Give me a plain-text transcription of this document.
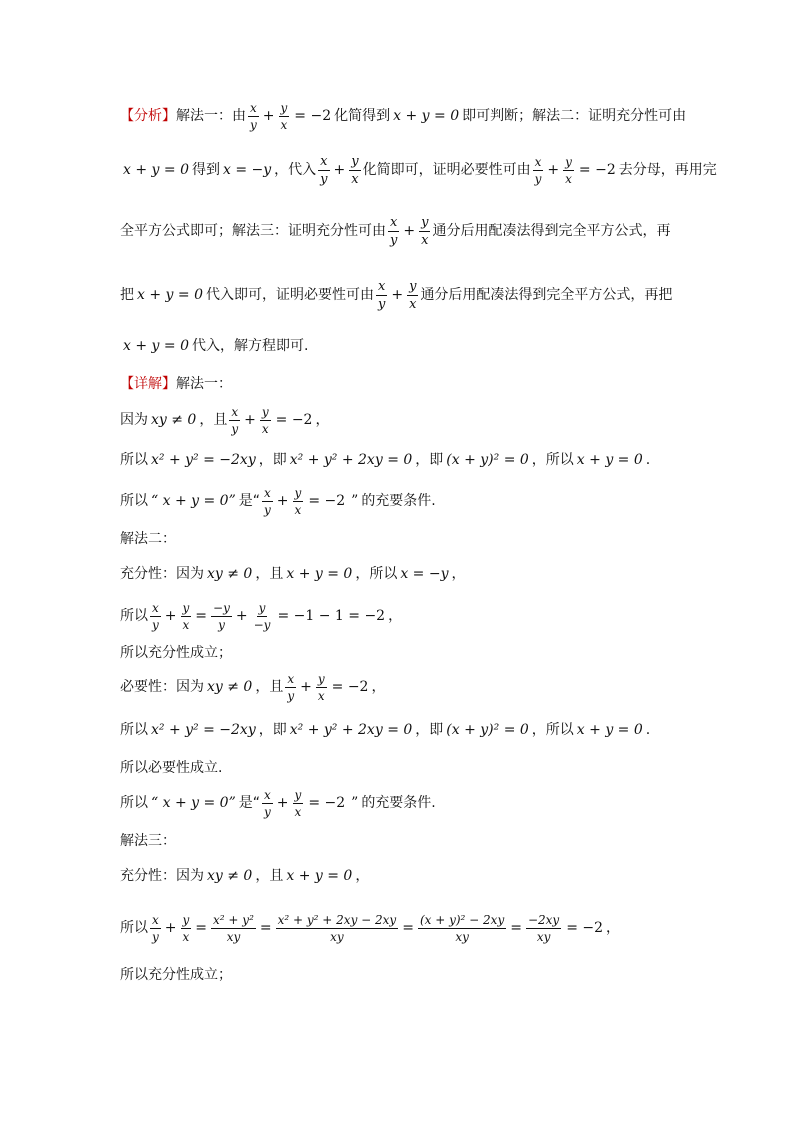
【分析】 解法一：由 $\frac{x}{y} + \frac{y}{x} = -2$ 化简得到 x + y = 0 即可判断；解法二：证明充分性可由
x + y = 0 得到 x = −y ，代入 $\frac{x}{y} + \frac{y}{x}$ 化简即可，证明必要性可由 $\frac{x}{y} + \frac{y}{x} = -2$ 去分母，再用完
全平方公式即可；解法三：证明充分性可由 $\frac{x}{y} + \frac{y}{x}$ 通分后用配凑法得到完全平方公式，再
把 x + y = 0 代入即可，证明必要性可由 $\frac{x}{y} + \frac{y}{x}$ 通分后用配凑法得到完全平方公式，再把
x + y = 0 代入，解方程即可.
【详解】 解法一：
因为 xy ≠ 0 ，且 $\frac{x}{y} + \frac{y}{x} = -2$ ，
所以 x² + y² = −2xy ，即 x² + y² + 2xy = 0 ，即 (x + y)² = 0 ，所以 x + y = 0 .
所以 “ x + y = 0” 是“ $\frac{x}{y} + \frac{y}{x} = -2$ ” 的充要条件.
解法二：
充分性：因为 xy ≠ 0 ，且 x + y = 0 ，所以 x = −y ，
所以 $\frac{x}{y} + \frac{y}{x} = \frac{-y}{y} + \frac{y}{-y} = -1 - 1 = -2$ ，
所以充分性成立；
必要性：因为 xy ≠ 0 ，且 $\frac{x}{y} + \frac{y}{x} = -2$ ，
所以 x² + y² = −2xy ，即 x² + y² + 2xy = 0 ，即 (x + y)² = 0 ，所以 x + y = 0 .
所以必要性成立.
所以 “ x + y = 0” 是“ $\frac{x}{y} + \frac{y}{x} = -2$ ” 的充要条件.
解法三：
充分性：因为 xy ≠ 0 ，且 x + y = 0 ，
所以 $\frac{x}{y} + \frac{y}{x} = \frac{\text{x² + y²}}{xy} = \frac{\text{x² + y² + 2xy − 2xy}}{xy} = \frac{\text{(x + y)² − 2xy}}{xy} = \frac{-2xy}{xy} = -2$ ，
所以充分性成立；
